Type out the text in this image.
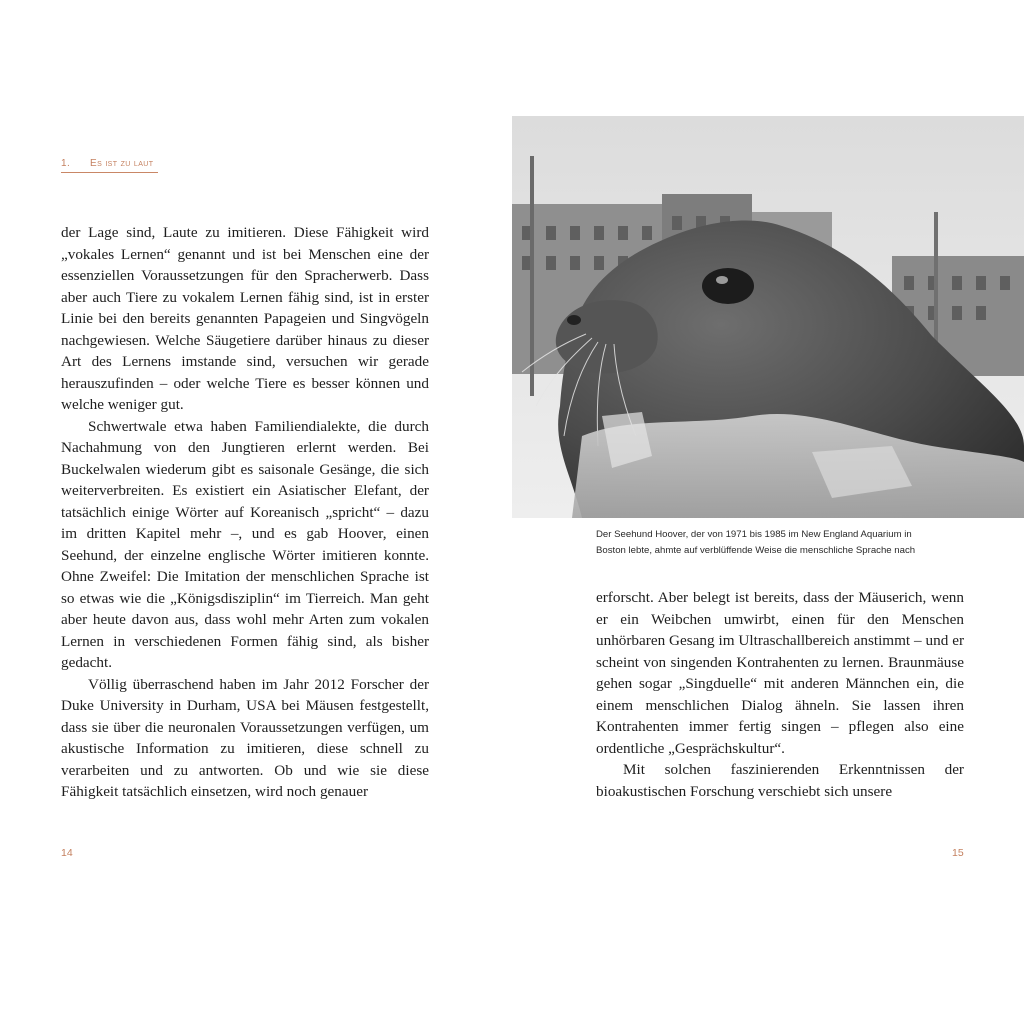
1. Es ist zu laut

der Lage sind, Laute zu imitieren. Diese Fähigkeit wird „vokales Lernen“ genannt und ist bei Menschen eine der essenziellen Voraussetzungen für den Spracherwerb. Dass aber auch Tiere zu vokalem Lernen fähig sind, ist in erster Linie bei den bereits genannten Papageien und Singvögeln nachgewiesen. Welche Säugetiere darüber hinaus zu dieser Art des Lernens imstande sind, versuchen wir gerade herauszufinden – oder welche Tiere es besser können und welche weniger gut.

Schwertwale etwa haben Familiendialekte, die durch Nachahmung von den Jungtieren erlernt werden. Bei Buckelwalen wiederum gibt es saisonale Gesänge, die sich weiterverbreiten. Es existiert ein Asiatischer Elefant, der tatsächlich einige Wörter auf Koreanisch „spricht“ – dazu im dritten Kapitel mehr –, und es gab Hoover, einen Seehund, der einzelne englische Wörter imitieren konnte. Ohne Zweifel: Die Imitation der menschlichen Sprache ist so etwas wie die „Königsdisziplin“ im Tierreich. Man geht aber heute davon aus, dass wohl mehr Arten zum vokalen Lernen in verschiedenen Formen fähig sind, als bisher gedacht.

Völlig überraschend haben im Jahr 2012 Forscher der Duke University in Durham, USA bei Mäusen festgestellt, dass sie über die neuronalen Voraussetzungen verfügen, um akustische Information zu imitieren, diese schnell zu verarbeiten und zu antworten. Ob und wie sie diese Fähigkeit tatsächlich einsetzen, wird noch genauer

14
Der Seehund Hoover, der von 1971 bis 1985 im New England Aquarium in
Boston lebte, ahmte auf verblüffende Weise die menschliche Sprache nach

erforscht. Aber belegt ist bereits, dass der Mäuserich, wenn er ein Weibchen umwirbt, einen für den Menschen unhörbaren Gesang im Ultraschallbereich anstimmt – und er scheint von singenden Kontrahenten zu lernen. Braunmäuse gehen sogar „Singduelle“ mit anderen Männchen ein, die einem menschlichen Dialog ähneln. Sie lassen ihren Kontrahenten immer fertig singen – pflegen also eine ordentliche „Gesprächskultur“.

Mit solchen faszinierenden Erkenntnissen der bioakustischen Forschung verschiebt sich unsere

15
